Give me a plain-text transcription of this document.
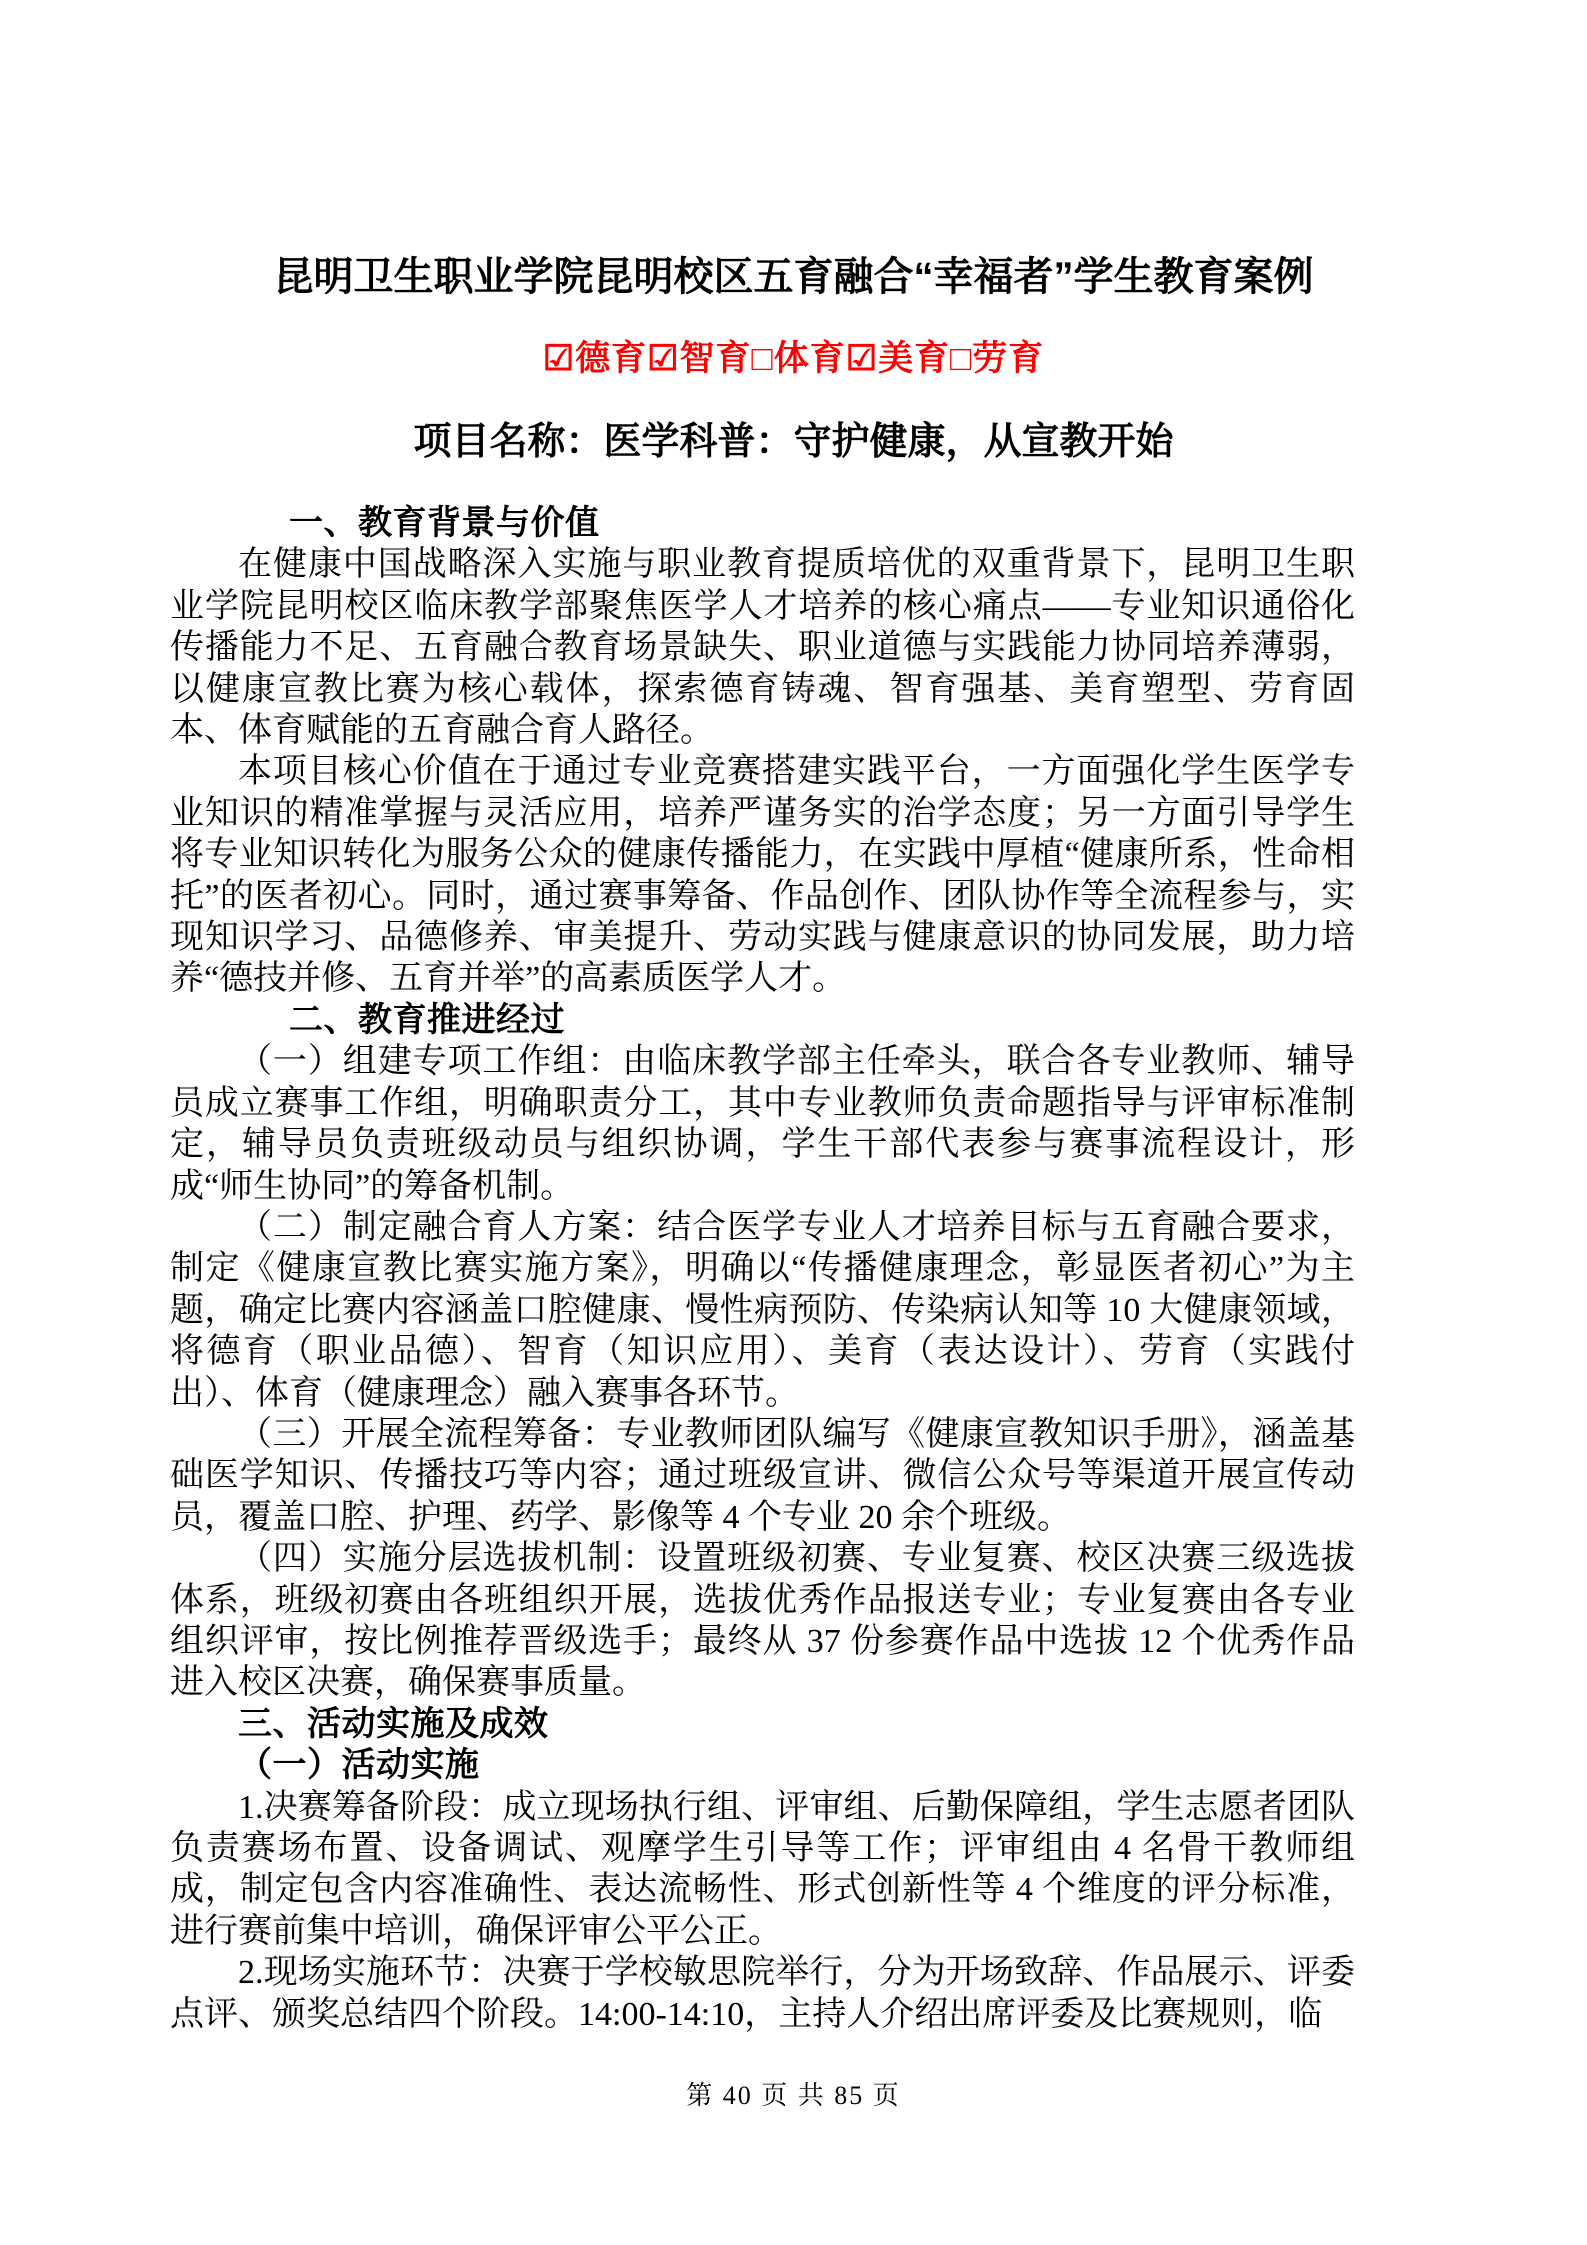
昆明卫生职业学院昆明校区五育融合“幸福者”学生教育案例
☑德育☑智育□体育☑美育□劳育
项目名称：医学科普：守护健康，从宣教开始

一、教育背景与价值

在健康中国战略深入实施与职业教育提质培优的双重背景下，昆明卫生职业学院昆明校区临床教学部聚焦医学人才培养的核心痛点——专业知识通俗化传播能力不足、五育融合教育场景缺失、职业道德与实践能力协同培养薄弱，以健康宣教比赛为核心载体，探索德育铸魂、智育强基、美育塑型、劳育固本、体育赋能的五育融合育人路径。

本项目核心价值在于通过专业竞赛搭建实践平台，一方面强化学生医学专业知识的精准掌握与灵活应用，培养严谨务实的治学态度；另一方面引导学生将专业知识转化为服务公众的健康传播能力，在实践中厚植“健康所系，性命相托”的医者初心。同时，通过赛事筹备、作品创作、团队协作等全流程参与，实现知识学习、品德修养、审美提升、劳动实践与健康意识的协同发展，助力培养“德技并修、五育并举”的高素质医学人才。

二、教育推进经过

（一）组建专项工作组：由临床教学部主任牵头，联合各专业教师、辅导员成立赛事工作组，明确职责分工，其中专业教师负责命题指导与评审标准制定，辅导员负责班级动员与组织协调，学生干部代表参与赛事流程设计，形成“师生协同”的筹备机制。

（二）制定融合育人方案：结合医学专业人才培养目标与五育融合要求，制定《健康宣教比赛实施方案》，明确以“传播健康理念，彰显医者初心”为主题，确定比赛内容涵盖口腔健康、慢性病预防、传染病认知等 10 大健康领域，将德育（职业品德）、智育（知识应用）、美育（表达设计）、劳育（实践付出）、体育（健康理念）融入赛事各环节。

（三）开展全流程筹备：专业教师团队编写《健康宣教知识手册》，涵盖基础医学知识、传播技巧等内容；通过班级宣讲、微信公众号等渠道开展宣传动员，覆盖口腔、护理、药学、影像等 4 个专业 20 余个班级。

（四）实施分层选拔机制：设置班级初赛、专业复赛、校区决赛三级选拔体系，班级初赛由各班组织开展，选拔优秀作品报送专业；专业复赛由各专业组织评审，按比例推荐晋级选手；最终从 37 份参赛作品中选拔 12 个优秀作品进入校区决赛，确保赛事质量。

三、活动实施及成效

（一）活动实施

1.决赛筹备阶段：成立现场执行组、评审组、后勤保障组，学生志愿者团队负责赛场布置、设备调试、观摩学生引导等工作；评审组由 4 名骨干教师组成，制定包含内容准确性、表达流畅性、形式创新性等 4 个维度的评分标准，进行赛前集中培训，确保评审公平公正。

2.现场实施环节：决赛于学校敏思院举行，分为开场致辞、作品展示、评委点评、颁奖总结四个阶段。14:00-14:10，主持人介绍出席评委及比赛规则，临

第 40 页 共 85 页
